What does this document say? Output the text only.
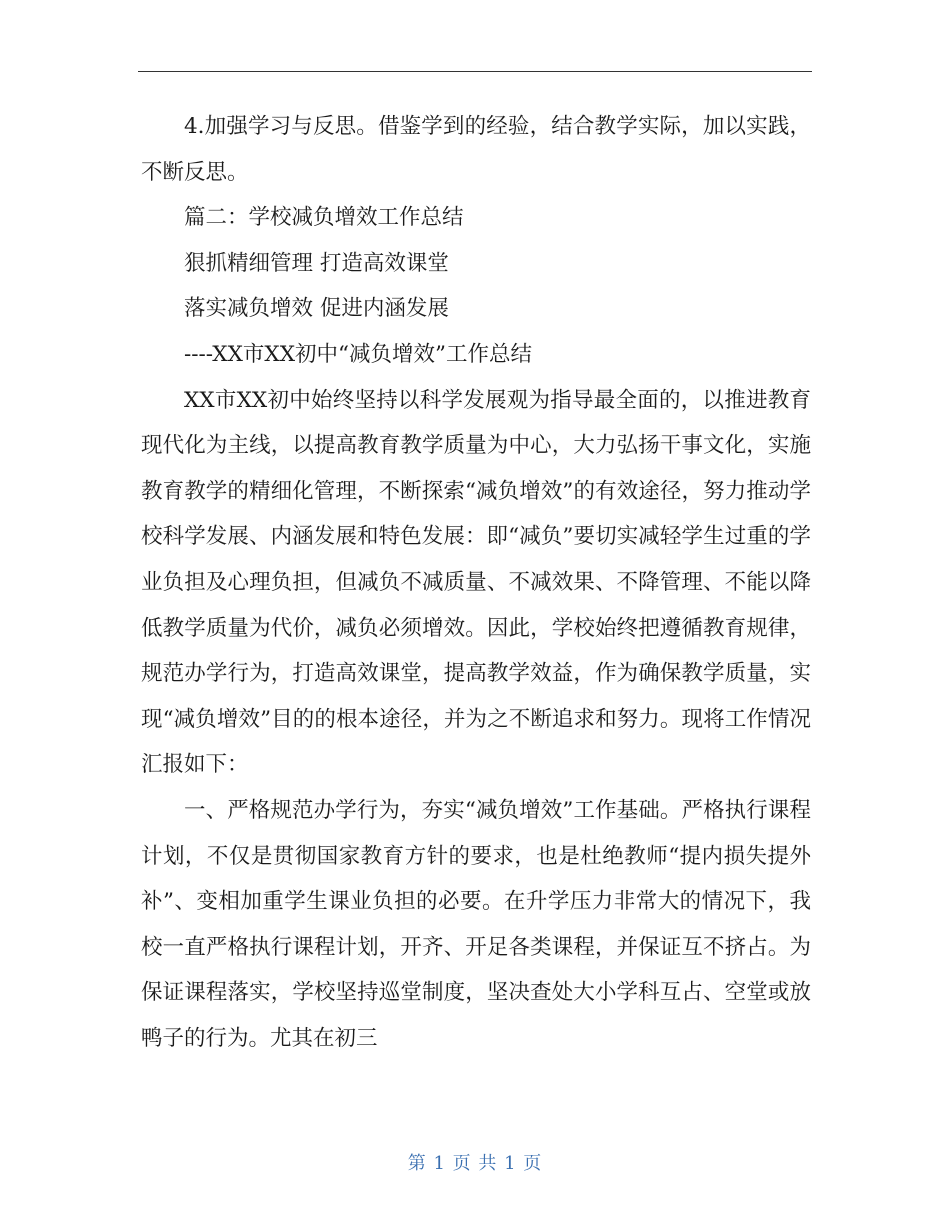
4.加强学习与反思。借鉴学到的经验，结合教学实际，加以实践，不断反思。

篇二：学校减负增效工作总结

狠抓精细管理 打造高效课堂

落实减负增效 促进内涵发展

----XX市XX初中“减负增效”工作总结

XX市XX初中始终坚持以科学发展观为指导最全面的，以推进教育现代化为主线，以提高教育教学质量为中心，大力弘扬干事文化，实施教育教学的精细化管理，不断探索“减负增效”的有效途径，努力推动学校科学发展、内涵发展和特色发展：即“减负”要切实减轻学生过重的学业负担及心理负担，但减负不减质量、不减效果、不降管理、不能以降低教学质量为代价，减负必须增效。因此，学校始终把遵循教育规律，规范办学行为，打造高效课堂，提高教学效益，作为确保教学质量，实现“减负增效”目的的根本途径，并为之不断追求和努力。现将工作情况汇报如下：

一、严格规范办学行为，夯实“减负增效”工作基础。严格执行课程计划，不仅是贯彻国家教育方针的要求，也是杜绝教师“提内损失提外补”、变相加重学生课业负担的必要。在升学压力非常大的情况下，我校一直严格执行课程计划，开齐、开足各类课程，并保证互不挤占。为保证课程落实，学校坚持巡堂制度，坚决查处大小学科互占、空堂或放鸭子的行为。尤其在初三

第 1 页 共 1 页
